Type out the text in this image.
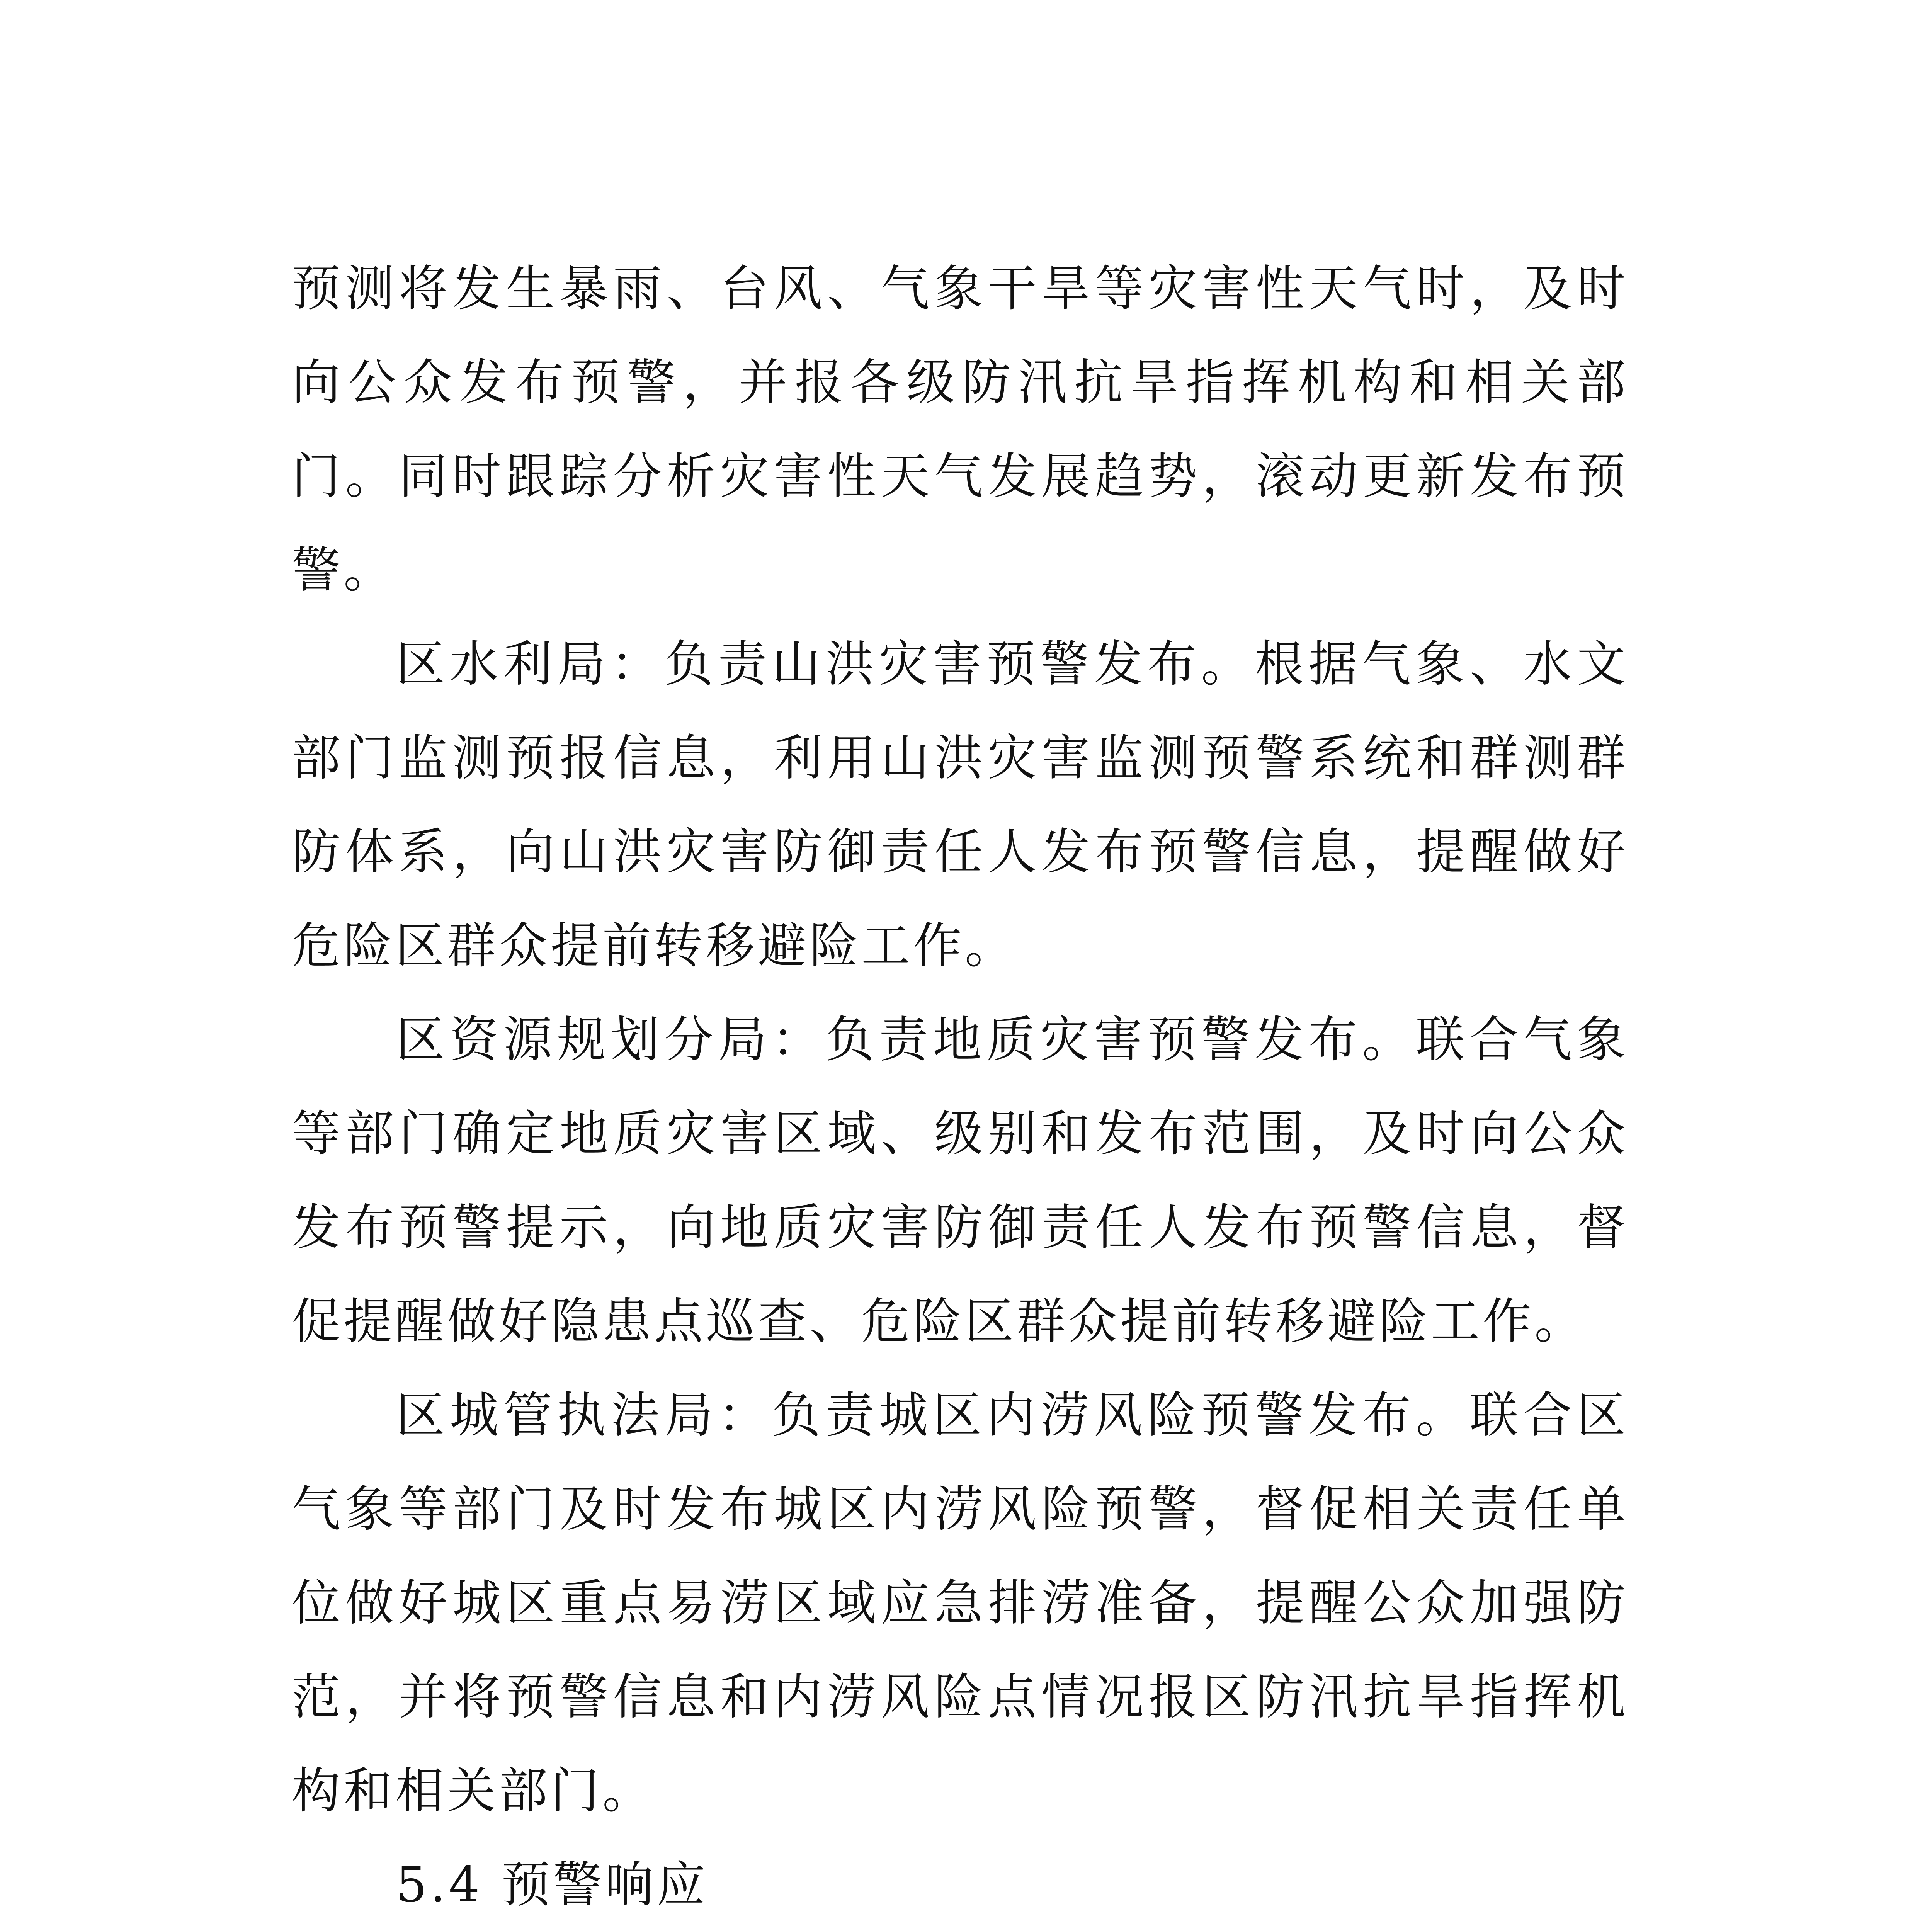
预测将发生暴雨、台风、气象干旱等灾害性天气时，及时向公众发布预警，并报各级防汛抗旱指挥机构和相关部门。同时跟踪分析灾害性天气发展趋势，滚动更新发布预警。

区水利局：负责山洪灾害预警发布。根据气象、水文部门监测预报信息，利用山洪灾害监测预警系统和群测群防体系，向山洪灾害防御责任人发布预警信息，提醒做好危险区群众提前转移避险工作。

区资源规划分局：负责地质灾害预警发布。联合气象等部门确定地质灾害区域、级别和发布范围，及时向公众发布预警提示，向地质灾害防御责任人发布预警信息，督促提醒做好隐患点巡查、危险区群众提前转移避险工作。

区城管执法局：负责城区内涝风险预警发布。联合区气象等部门及时发布城区内涝风险预警，督促相关责任单位做好城区重点易涝区域应急排涝准备，提醒公众加强防范，并将预警信息和内涝风险点情况报区防汛抗旱指挥机构和相关部门。

5.4 预警响应
